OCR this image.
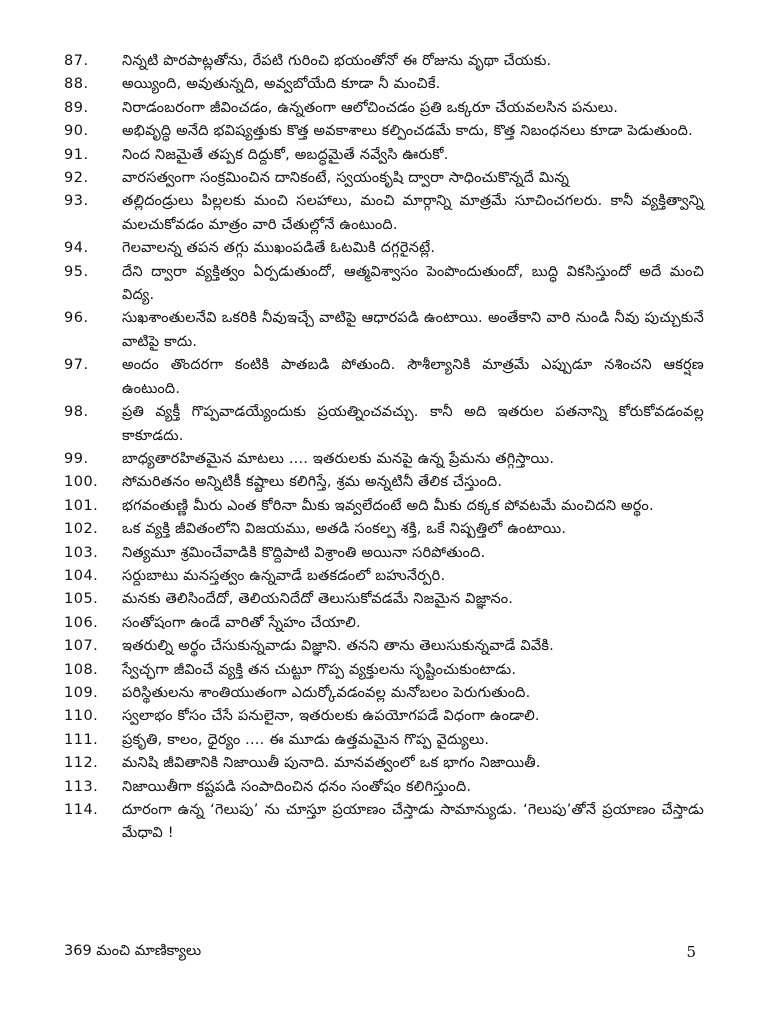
87.	నిన్నటి పొరపాట్లతోను, రేపటి గురించి భయంతోనో ఈ రోజును వృథా చేయకు.
88.	అయ్యింది, అవుతున్నది, అవ్వబోయేది కూడా నీ మంచికే.
89.	నిరాడంబరంగా జీవించడం, ఉన్నతంగా ఆలోచించడం ప్రతి ఒక్కరూ చేయవలసిన పనులు.
90.	అభివృద్ధి అనేది భవిష్యత్తుకు కొత్త అవకాశాలు కల్పించడమే కాదు, కొత్త నిబంధనలు కూడా పెడుతుంది.
91.	నింద నిజమైతే తప్పక దిద్దుకో, అబద్ధమైతే నవ్వేసి ఊరుకో.
92.	వారసత్వంగా సంక్రమించిన దానికంటే, స్వయంకృషి ద్వారా సాధించుకొన్నదే మిన్న
93.	తల్లిదండ్రులు పిల్లలకు మంచి సలహాలు, మంచి మార్గాన్ని మాత్రమే సూచించగలరు. కానీ వ్యక్తిత్వాన్ని మలచుకోవడం మాత్రం వారి చేతుల్లోనే ఉంటుంది.
94.	గెలవాలన్న తపన తగ్గు ముఖంపడితే ఓటమికి దగ్గరైనట్లే.
95.	దేని ద్వారా వ్యక్తిత్వం ఏర్పడుతుందో, ఆత్మవిశ్వాసం పెంపొందుతుందో, బుద్ధి వికసిస్తుందో అదే మంచి విద్య.
96.	సుఖశాంతులనేవి ఒకరికి నీవుఇచ్చే వాటిపై ఆధారపడి ఉంటాయి. అంతేకాని వారి నుండి నీవు పుచ్చుకునే వాటిపై కాదు.
97.	అందం తొందరగా కంటికి పాతబడి పోతుంది. సౌశీల్యానికి మాత్రమే ఎప్పుడూ నశించని ఆకర్షణ ఉంటుంది.
98.	ప్రతి వ్యక్తీ గొప్పవాడయ్యేందుకు ప్రయత్నించవచ్చు. కానీ అది ఇతరుల పతనాన్ని కోరుకోవడంవల్ల కాకూడదు.
99.	బాధ్యతారహితమైన మాటలు .... ఇతరులకు మనపై ఉన్న ప్రేమను తగ్గిస్తాయి.
100.	సోమరితనం అన్నిటికీ కష్టాలు కలిగిస్తే, శ్రమ అన్నటినీ తేలిక చేస్తుంది.
101.	భగవంతుణ్ణి మీరు ఎంత కోరినా మీకు ఇవ్వలేదంటే అది మీకు దక్కక పోవటమే మంచిదని అర్థం.
102.	ఒక వ్యక్తి జీవితంలోని విజయము, అతడి సంకల్ప శక్తి, ఒకే నిష్పత్తిలో ఉంటాయి.
103.	నిత్యమూ శ్రమించేవాడికి కొద్దిపాటి విశ్రాంతి అయినా సరిపోతుంది.
104.	సర్దుబాటు మనస్తత్వం ఉన్నవాడే బతకడంలో బహునేర్పరి.
105.	మనకు తెలిసిందేదో, తెలియనిదేదో తెలుసుకోవడమే నిజమైన విజ్ఞానం.
106.	సంతోషంగా ఉండే వారితో స్నేహం చేయాలి.
107.	ఇతరుల్ని అర్థం చేసుకున్నవాడు విజ్ఞాని. తనని తాను తెలుసుకున్నవాడే వివేకి.
108.	స్వేచ్ఛగా జీవించే వ్యక్తి తన చుట్టూ గొప్ప వ్యక్తులను సృష్టించుకుంటాడు.
109.	పరిస్థితులను శాంతియుతంగా ఎదుర్కోవడంవల్ల మనోబలం పెరుగుతుంది.
110.	స్వలాభం కోసం చేసే పనులైనా, ఇతరులకు ఉపయోగపడే విధంగా ఉండాలి.
111.	ప్రకృతి, కాలం, ధైర్యం .... ఈ మూడు ఉత్తమమైన గొప్ప వైద్యులు.
112.	మనిషి జీవితానికి నిజాయితీ పునాది. మానవత్వంలో ఒక భాగం నిజాయితీ.
113.	నిజాయితీగా కష్టపడి సంపాదించిన ధనం సంతోషం కలిగిస్తుంది.
114.	దూరంగా ఉన్న ‘గెలుపు’ ను చూస్తూ ప్రయాణం చేస్తాడు సామాన్యుడు. ‘గెలుపు’తోనే ప్రయాణం చేస్తాడు మేధావి !
369 మంచి మాణిక్యాలు	5
